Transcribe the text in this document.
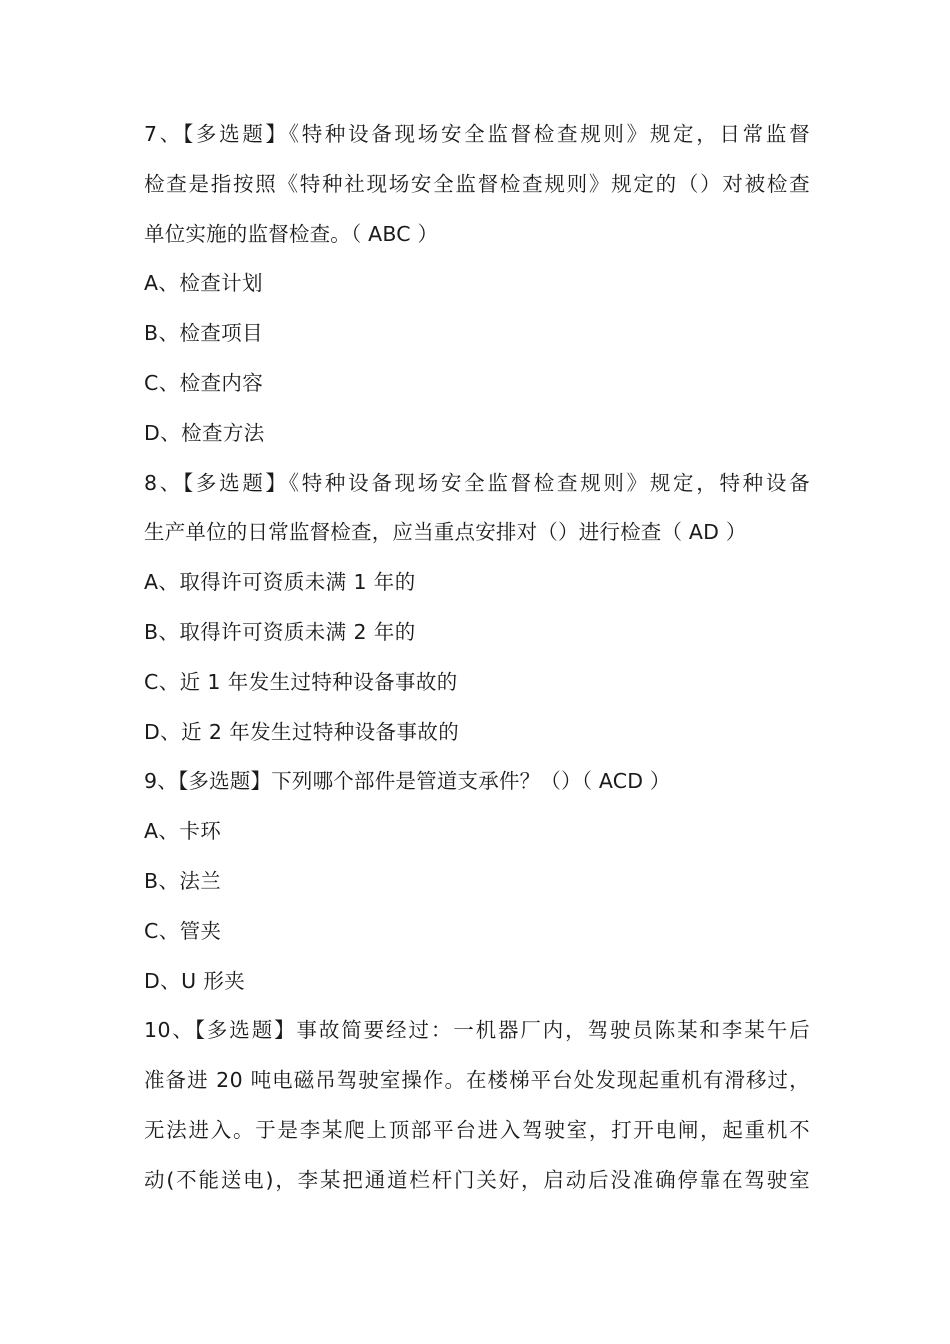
7、【多选题】《特种设备现场安全监督检查规则》规定，日常监督
检查是指按照《特种社现场安全监督检查规则》规定的（）对被检查
单位实施的监督检查。（ ABC ）
A、检查计划
B、检查项目
C、检查内容
D、检查方法
8、【多选题】《特种设备现场安全监督检查规则》规定，特种设备
生产单位的日常监督检查，应当重点安排对（）进行检查（ AD ）
A、取得许可资质未满 1 年的
B、取得许可资质未满 2 年的
C、近 1 年发生过特种设备事故的
D、近 2 年发生过特种设备事故的
9、【多选题】下列哪个部件是管道支承件？（）（ ACD ）
A、卡环
B、法兰
C、管夹
D、U 形夹
10、【多选题】事故简要经过：一机器厂内，驾驶员陈某和李某午后
准备进 20 吨电磁吊驾驶室操作。在楼梯平台处发现起重机有滑移过，
无法进入。于是李某爬上顶部平台进入驾驶室，打开电闸，起重机不
动(不能送电)，李某把通道栏杆门关好，启动后没准确停靠在驾驶室
